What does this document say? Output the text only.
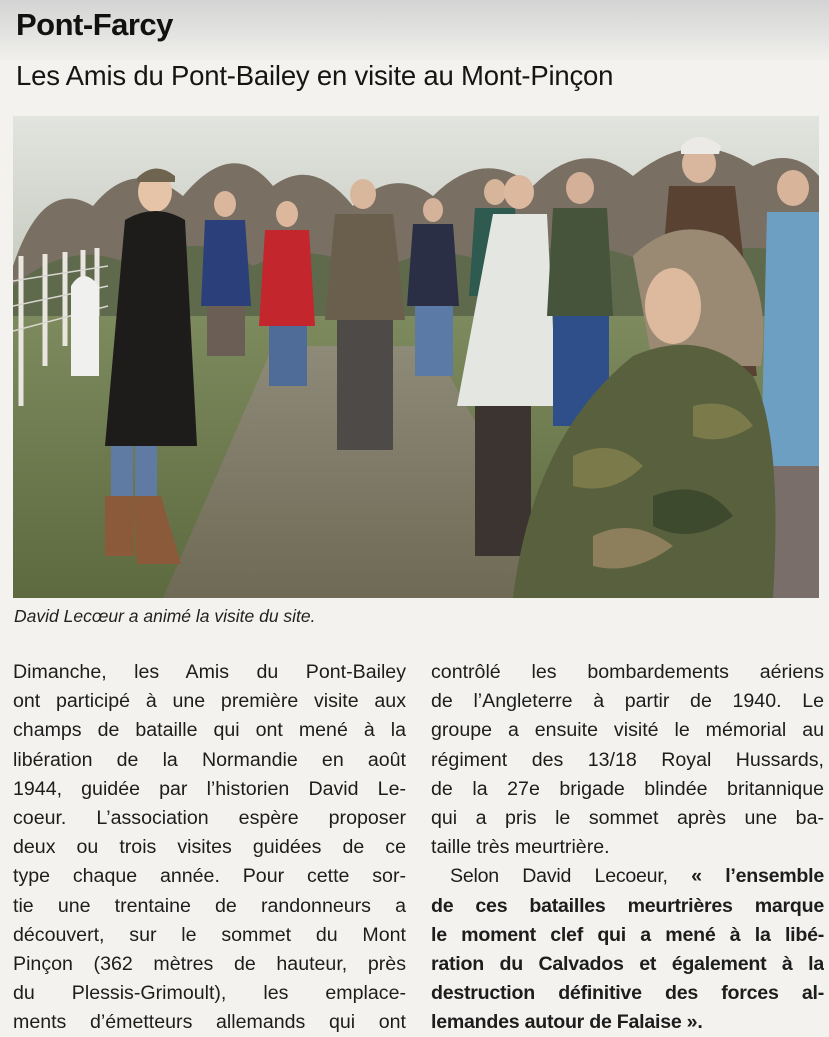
Pont-Farcy
Les Amis du Pont-Bailey en visite au Mont-Pinçon
David Lecœur a animé la visite du site.
Dimanche, les Amis du Pont-Bailey
ont participé à une première visite aux
champs de bataille qui ont mené à la
libération de la Normandie en août
1944, guidée par l’historien David Le-
coeur. L’association espère proposer
deux ou trois visites guidées de ce
type chaque année. Pour cette sor-
tie une trentaine de randonneurs a
découvert, sur le sommet du Mont
Pinçon (362 mètres de hauteur, près
du Plessis-Grimoult), les emplace-
ments d’émetteurs allemands qui ont
contrôlé les bombardements aériens
de l’Angleterre à partir de 1940. Le
groupe a ensuite visité le mémorial au
régiment des 13/18 Royal Hussards,
de la 27e brigade blindée britannique
qui a pris le sommet après une ba-
taille très meurtrière.
Selon David Lecoeur, « l’ensemble
de ces batailles meurtrières marque
le moment clef qui a mené à la libé-
ration du Calvados et également à la
destruction définitive des forces al-
lemandes autour de Falaise ».
